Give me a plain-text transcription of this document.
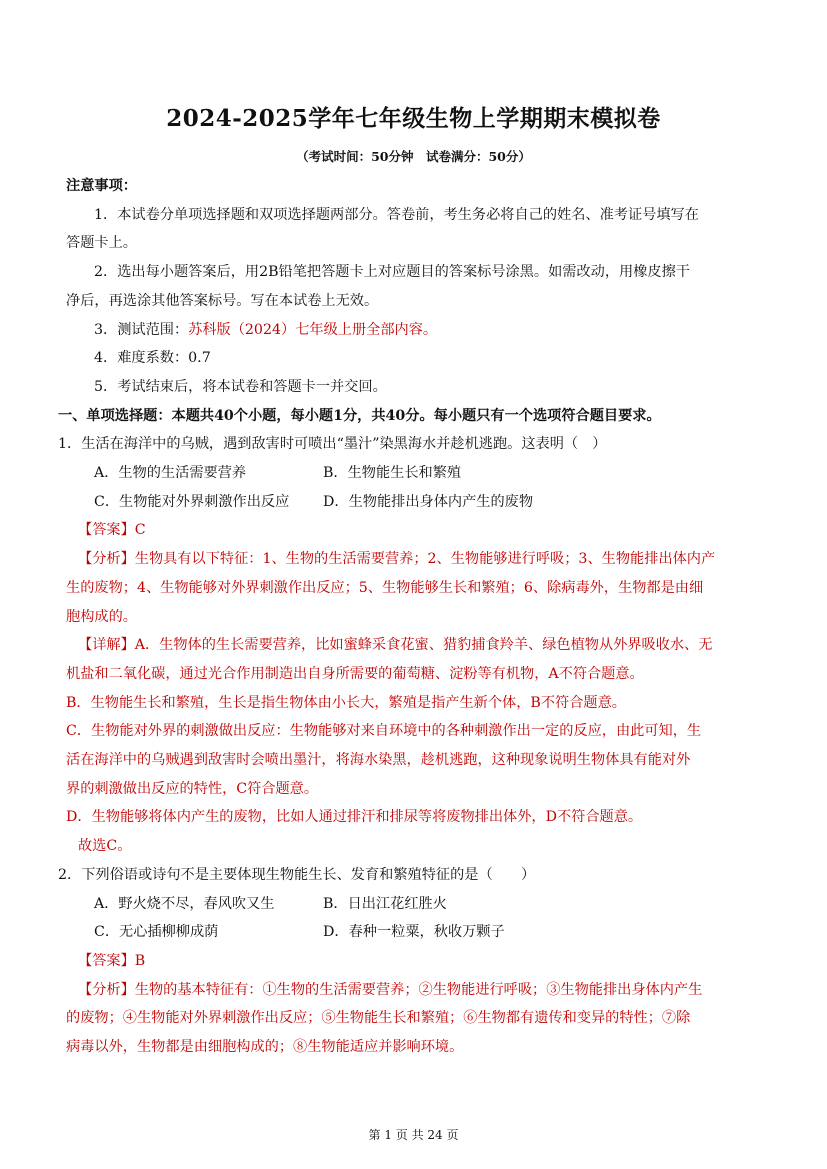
2024-2025学年七年级生物上学期期末模拟卷
（考试时间：50分钟　试卷满分：50分）
注意事项：
1．本试卷分单项选择题和双项选择题两部分。答卷前，考生务必将自己的姓名、准考证号填写在
答题卡上。
2．选出每小题答案后，用2B铅笔把答题卡上对应题目的答案标号涂黑。如需改动，用橡皮擦干
净后，再选涂其他答案标号。写在本试卷上无效。
3．测试范围：苏科版（2024）七年级上册全部内容。
4．难度系数：0.7
5．考试结束后，将本试卷和答题卡一并交回。
一、单项选择题：本题共40个小题，每小题1分，共40分。每小题只有一个选项符合题目要求。
1．生活在海洋中的乌贼，遇到敌害时可喷出“墨汁”染黑海水并趁机逃跑。这表明（　）
A．生物的生活需要营养	B．生物能生长和繁殖
C．生物能对外界刺激作出反应	D．生物能排出身体内产生的废物
【答案】C
【分析】生物具有以下特征：1、生物的生活需要营养；2、生物能够进行呼吸；3、生物能排出体内产
生的废物；4、生物能够对外界刺激作出反应；5、生物能够生长和繁殖；6、除病毒外，生物都是由细
胞构成的。
【详解】A．生物体的生长需要营养，比如蜜蜂采食花蜜、猎豹捕食羚羊、绿色植物从外界吸收水、无
机盐和二氧化碳，通过光合作用制造出自身所需要的葡萄糖、淀粉等有机物，A不符合题意。
B．生物能生长和繁殖，生长是指生物体由小长大，繁殖是指产生新个体，B不符合题意。
C．生物能对外界的刺激做出反应：生物能够对来自环境中的各种刺激作出一定的反应，由此可知，生
活在海洋中的乌贼遇到敌害时会喷出墨汁，将海水染黑，趁机逃跑，这种现象说明生物体具有能对外
界的刺激做出反应的特性，C符合题意。
D．生物能够将体内产生的废物，比如人通过排汗和排尿等将废物排出体外，D不符合题意。
故选C。
2．下列俗语或诗句不是主要体现生物能生长、发育和繁殖特征的是（　　）
A．野火烧不尽，春风吹又生	B．日出江花红胜火
C．无心插柳柳成荫	D．春种一粒粟，秋收万颗子
【答案】B
【分析】生物的基本特征有：①生物的生活需要营养；②生物能进行呼吸；③生物能排出身体内产生
的废物；④生物能对外界刺激作出反应；⑤生物能生长和繁殖；⑥生物都有遗传和变异的特性；⑦除
病毒以外，生物都是由细胞构成的；⑧生物能适应并影响环境。
第 1 页 共 24 页
